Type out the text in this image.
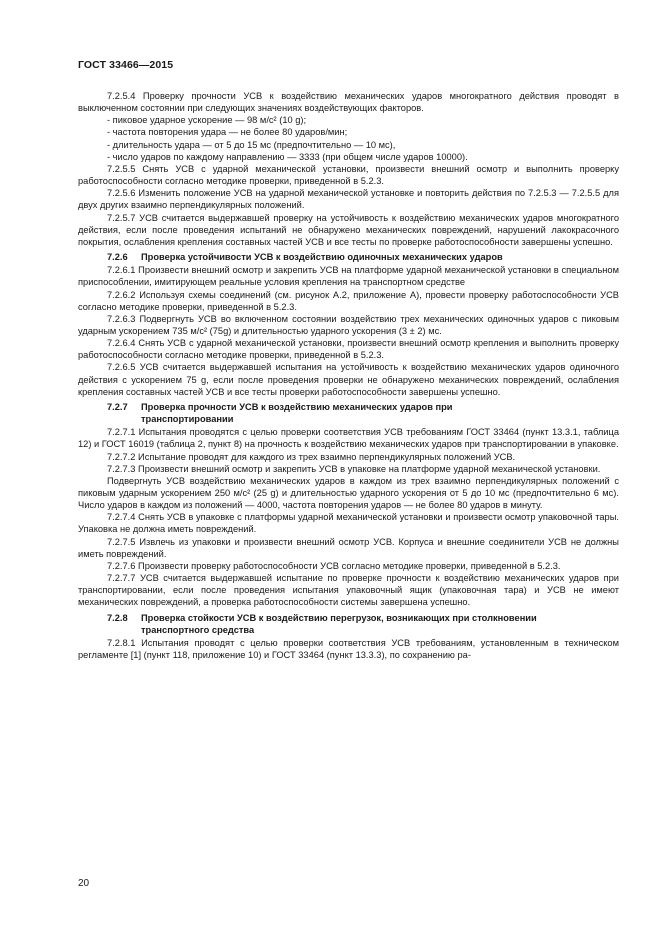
ГОСТ 33466—2015

7.2.5.4 Проверку прочности УСВ к воздействию механических ударов многократного действия проводят в выключенном состоянии при следующих значениях воздействующих факторов.

- пиковое ударное ускорение — 98 м/с² (10 g);

- частота повторения удара — не более 80 ударов/мин;

- длительность удара — от 5 до 15 мс (предпочтительно — 10 мс),

- число ударов по каждому направлению — 3333 (при общем числе ударов 10000).

7.2.5.5 Снять УСВ с ударной механической установки, произвести внешний осмотр и выполнить проверку работоспособности согласно методике проверки, приведенной в 5.2.3.

7.2.5.6 Изменить положение УСВ на ударной механической установке и повторить действия по 7.2.5.3 — 7.2.5.5 для двух других взаимно перпендикулярных положений.

7.2.5.7 УСВ считается выдержавшей проверку на устойчивость к воздействию механических ударов многократного действия, если после проведения испытаний не обнаружено механических повреждений, нарушений лакокрасочного покрытия, ослабления крепления составных частей УСВ и все тесты по проверке работоспособности завершены успешно.

7.2.6 Проверка устойчивости УСВ к воздействию одиночных механических ударов

7.2.6.1 Произвести внешний осмотр и закрепить УСВ на платформе ударной механической установки в специальном приспособлении, имитирующем реальные условия крепления на транспортном средстве

7.2.6.2 Используя схемы соединений (см. рисунок А.2, приложение А), провести проверку работоспособности УСВ согласно методике проверки, приведенной в 5.2.3.

7.2.6.3 Подвергнуть УСВ во включенном состоянии воздействию трех механических одиночных ударов с пиковым ударным ускорением 735 м/с² (75g) и длительностью ударного ускорения (3 ± 2) мс.

7.2.6.4 Снять УСВ с ударной механической установки, произвести внешний осмотр крепления и выполнить проверку работоспособности согласно методике проверки, приведенной в 5.2.3.

7.2.6.5 УСВ считается выдержавшей испытания на устойчивость к воздействию механических ударов одиночного действия с ускорением 75 g, если после проведения проверки не обнаружено механических повреждений, ослабления крепления составных частей УСВ и все тесты проверки работоспособности завершены успешно.

7.2.7 Проверка прочности УСВ к воздействию механических ударов при
транспортировании

7.2.7.1 Испытания проводятся с целью проверки соответствия УСВ требованиям ГОСТ 33464 (пункт 13.3.1, таблица 12) и ГОСТ 16019 (таблица 2, пункт 8) на прочность к воздействию механических ударов при транспортировании в упаковке.

7.2.7.2 Испытание проводят для каждого из трех взаимно перпендикулярных положений УСВ.

7.2.7.3 Произвести внешний осмотр и закрепить УСВ в упаковке на платформе ударной механической установки.

Подвергнуть УСВ воздействию механических ударов в каждом из трех взаимно перпендикулярных положений с пиковым ударным ускорением 250 м/с² (25 g) и длительностью ударного ускорения от 5 до 10 мс (предпочтительно 6 мс). Число ударов в каждом из положений — 4000, частота повторения ударов — не более 80 ударов в минуту.

7.2.7.4 Снять УСВ в упаковке с платформы ударной механической установки и произвести осмотр упаковочной тары. Упаковка не должна иметь повреждений.

7.2.7.5 Извлечь из упаковки и произвести внешний осмотр УСВ. Корпуса и внешние соединители УСВ не должны иметь повреждений.

7.2.7.6 Произвести проверку работоспособности УСВ согласно методике проверки, приведенной в 5.2.3.

7.2.7.7 УСВ считается выдержавшей испытание по проверке прочности к воздействию механических ударов при транспортировании, если после проведения испытания упаковочный ящик (упаковочная тара) и УСВ не имеют механических повреждений, а проверка работоспособности системы завершена успешно.

7.2.8 Проверка стойкости УСВ к воздействию перегрузок, возникающих при столкновении
транспортного средства

7.2.8.1 Испытания проводят с целью проверки соответствия УСВ требованиям, установленным в техническом регламенте [1] (пункт 118, приложение 10) и ГОСТ 33464 (пункт 13.3.3), по сохранению ра-

20
